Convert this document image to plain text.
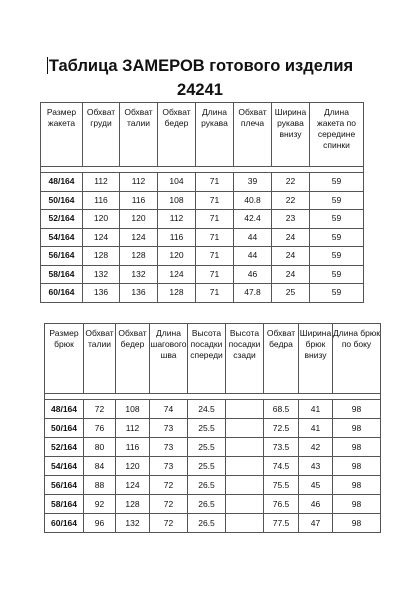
Таблица ЗАМЕРОВ готового изделия
24241
Размер жакета	Обхват груди	Обхват талии	Обхват бедер	Длина рукава	Обхват плеча	Ширина рукава внизу	Длина жакета по середине спинки

48/164	112	112	104	71	39	22	59
50/164	116	116	108	71	40.8	22	59
52/164	120	120	112	71	42.4	23	59
54/164	124	124	116	71	44	24	59
56/164	128	128	120	71	44	24	59
58/164	132	132	124	71	46	24	59
60/164	136	136	128	71	47.8	25	59
Размер брюк	Обхват талии	Обхват бедер	Длина шагового шва	Высота посадки спереди	Высота посадки сзади	Обхват бедра	Ширина брюк внизу	Длина брюк по боку

48/164	72	108	74	24.5		68.5	41	98
50/164	76	112	73	25.5		72.5	41	98
52/164	80	116	73	25.5		73.5	42	98
54/164	84	120	73	25.5		74.5	43	98
56/164	88	124	72	26.5		75.5	45	98
58/164	92	128	72	26.5		76.5	46	98
60/164	96	132	72	26.5		77.5	47	98
